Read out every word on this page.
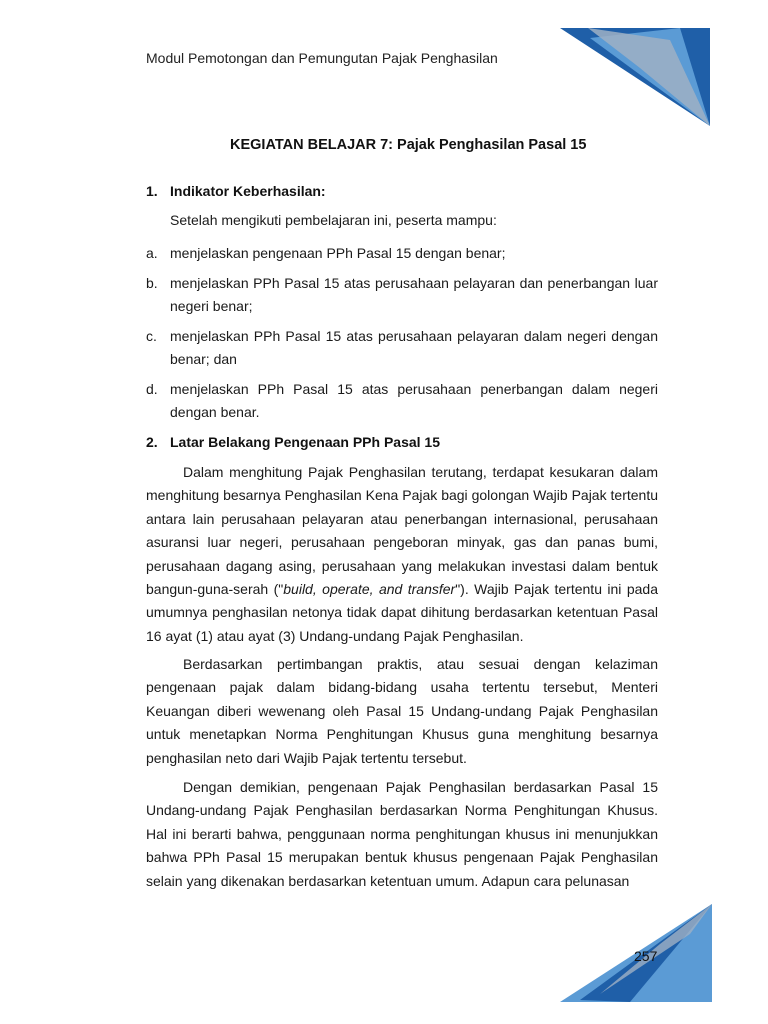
Modul Pemotongan dan Pemungutan Pajak Penghasilan
KEGIATAN BELAJAR 7: Pajak Penghasilan Pasal 15
1. Indikator Keberhasilan:
Setelah mengikuti pembelajaran ini, peserta mampu:
a. menjelaskan pengenaan PPh Pasal 15 dengan benar;
b. menjelaskan PPh Pasal 15 atas perusahaan pelayaran dan penerbangan luar negeri benar;
c. menjelaskan PPh Pasal 15 atas perusahaan pelayaran dalam negeri dengan benar; dan
d. menjelaskan PPh Pasal 15 atas perusahaan penerbangan dalam negeri dengan benar.
2. Latar Belakang Pengenaan PPh Pasal 15
Dalam menghitung Pajak Penghasilan terutang, terdapat kesukaran dalam menghitung besarnya Penghasilan Kena Pajak bagi golongan Wajib Pajak tertentu antara lain perusahaan pelayaran atau penerbangan internasional, perusahaan asuransi luar negeri, perusahaan pengeboran minyak, gas dan panas bumi, perusahaan dagang asing, perusahaan yang melakukan investasi dalam bentuk bangun-guna-serah ("build, operate, and transfer"). Wajib Pajak tertentu ini pada umumnya penghasilan netonya tidak dapat dihitung berdasarkan ketentuan Pasal 16 ayat (1) atau ayat (3) Undang-undang Pajak Penghasilan.
Berdasarkan pertimbangan praktis, atau sesuai dengan kelaziman pengenaan pajak dalam bidang-bidang usaha tertentu tersebut, Menteri Keuangan diberi wewenang oleh Pasal 15 Undang-undang Pajak Penghasilan untuk menetapkan Norma Penghitungan Khusus guna menghitung besarnya penghasilan neto dari Wajib Pajak tertentu tersebut.
Dengan demikian, pengenaan Pajak Penghasilan berdasarkan Pasal 15 Undang-undang Pajak Penghasilan berdasarkan Norma Penghitungan Khusus. Hal ini berarti bahwa, penggunaan norma penghitungan khusus ini menunjukkan bahwa PPh Pasal 15 merupakan bentuk khusus pengenaan Pajak Penghasilan selain yang dikenakan berdasarkan ketentuan umum. Adapun cara pelunasan
257
